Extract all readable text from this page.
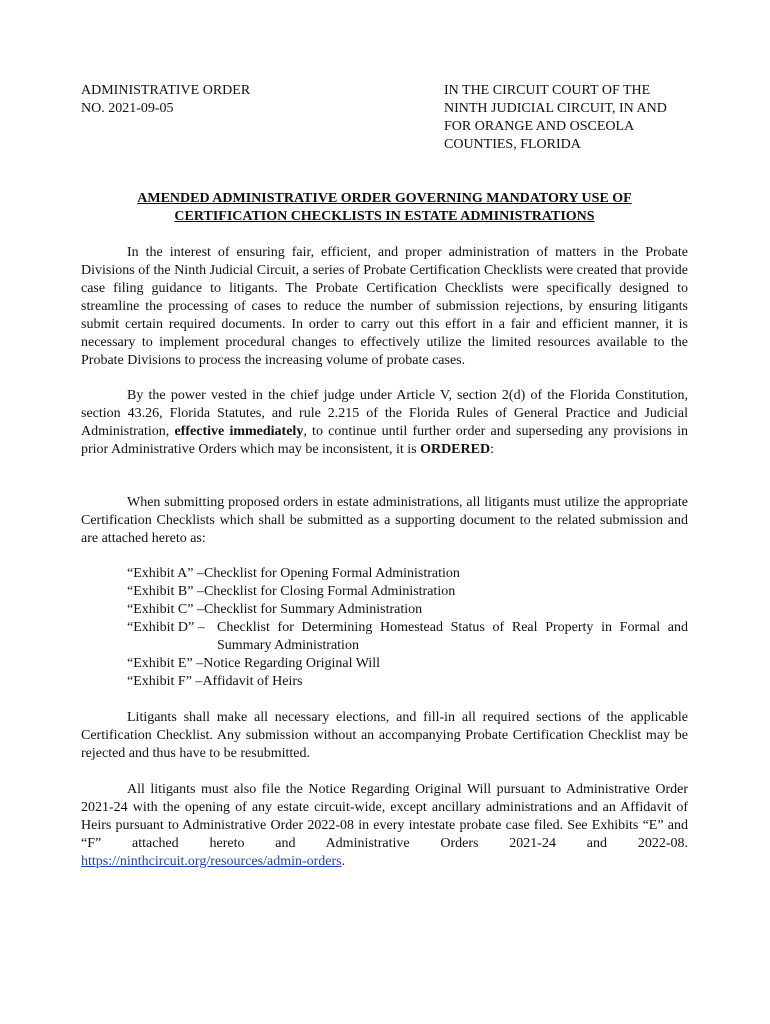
ADMINISTRATIVE ORDER
NO. 2021-09-05
IN THE CIRCUIT COURT OF THE
NINTH JUDICIAL CIRCUIT, IN AND
FOR ORANGE AND OSCEOLA
COUNTIES, FLORIDA
AMENDED ADMINISTRATIVE ORDER GOVERNING MANDATORY USE OF
CERTIFICATION CHECKLISTS IN ESTATE ADMINISTRATIONS

In the interest of ensuring fair, efficient, and proper administration of matters in the Probate Divisions of the Ninth Judicial Circuit, a series of Probate Certification Checklists were created that provide case filing guidance to litigants. The Probate Certification Checklists were specifically designed to streamline the processing of cases to reduce the number of submission rejections, by ensuring litigants submit certain required documents. In order to carry out this effort in a fair and efficient manner, it is necessary to implement procedural changes to effectively utilize the limited resources available to the Probate Divisions to process the increasing volume of probate cases.

By the power vested in the chief judge under Article V, section 2(d) of the Florida Constitution, section 43.26, Florida Statutes, and rule 2.215 of the Florida Rules of General Practice and Judicial Administration, effective immediately, to continue until further order and superseding any provisions in prior Administrative Orders which may be inconsistent, it is ORDERED:

When submitting proposed orders in estate administrations, all litigants must utilize the appropriate Certification Checklists which shall be submitted as a supporting document to the related submission and are attached hereto as:

“Exhibit A” – Checklist for Opening Formal Administration
“Exhibit B” – Checklist for Closing Formal Administration
“Exhibit C” – Checklist for Summary Administration
“Exhibit D” – Checklist for Determining Homestead Status of Real Property in Formal and Summary Administration
“Exhibit E” – Notice Regarding Original Will
“Exhibit F” – Affidavit of Heirs

Litigants shall make all necessary elections, and fill-in all required sections of the applicable Certification Checklist. Any submission without an accompanying Probate Certification Checklist may be rejected and thus have to be resubmitted.

All litigants must also file the Notice Regarding Original Will pursuant to Administrative Order 2021-24 with the opening of any estate circuit-wide, except ancillary administrations and an Affidavit of Heirs pursuant to Administrative Order 2022-08 in every intestate probate case filed. See Exhibits “E” and “F” attached hereto and Administrative Orders 2021-24 and 2022-08. https://ninthcircuit.org/resources/admin-orders.
